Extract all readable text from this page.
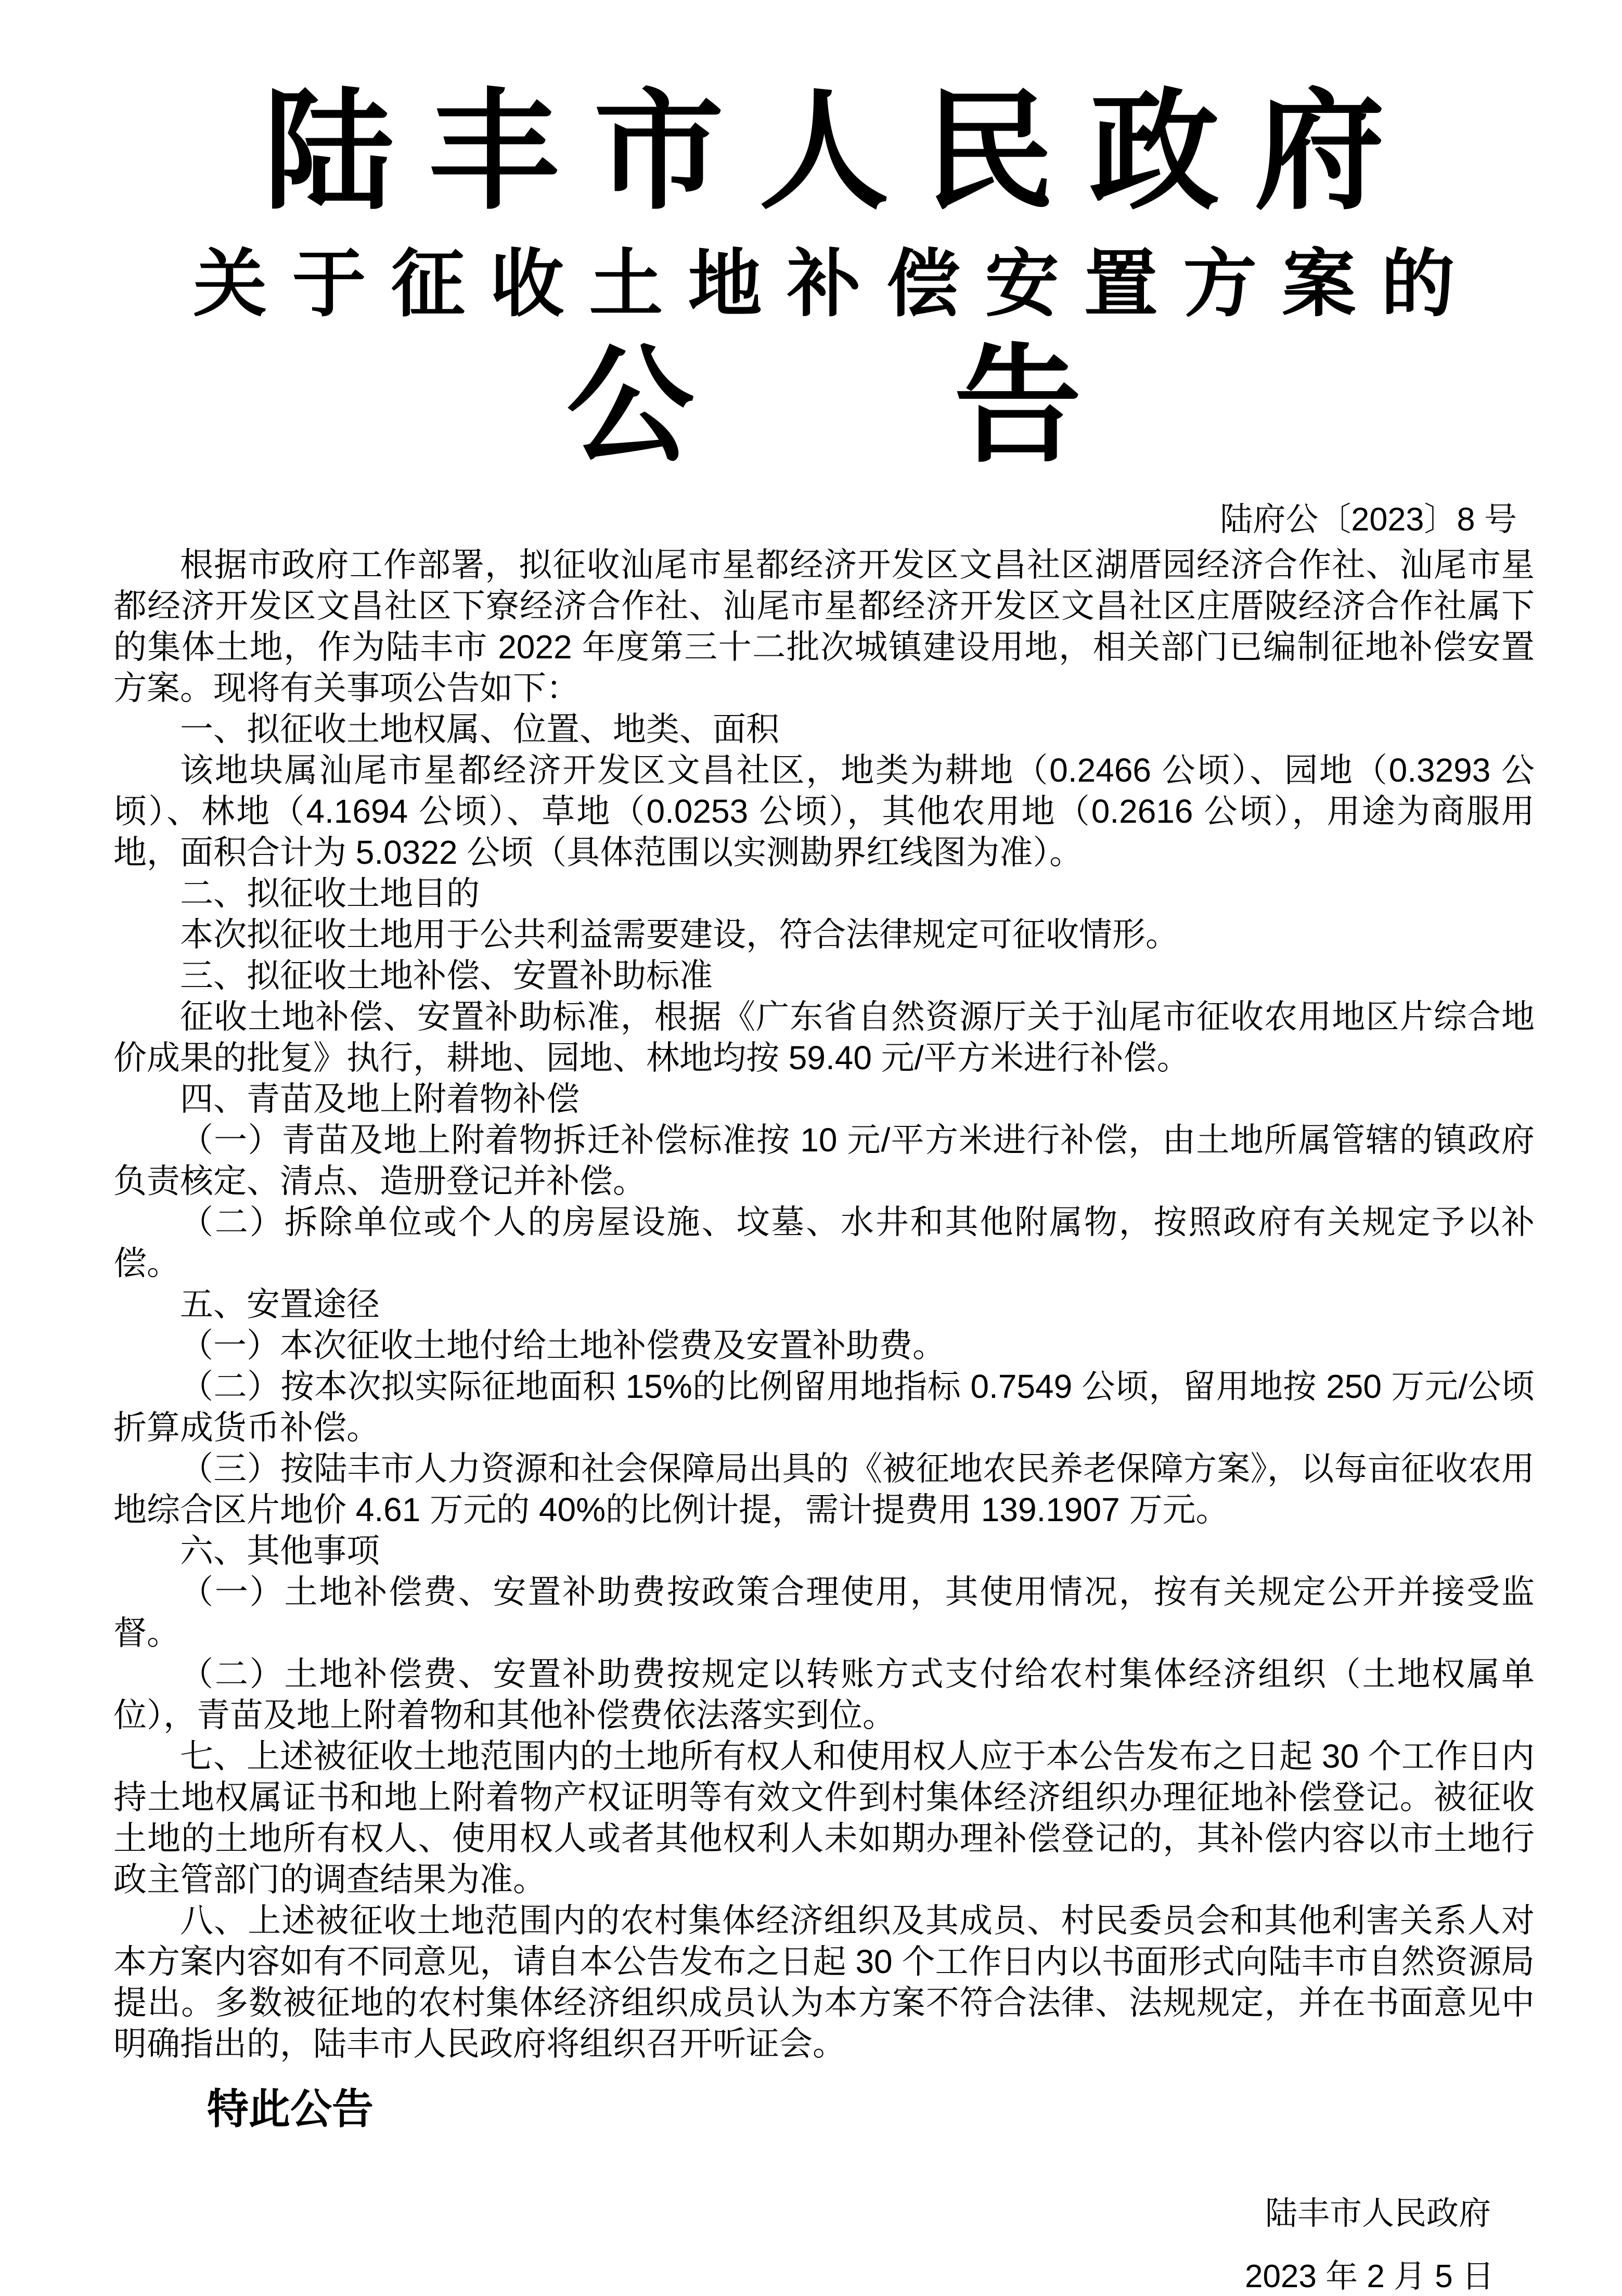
陆丰市人民政府
关于征收土地补偿安置方案的
公 告
陆府公〔2023〕8 号

根据市政府工作部署，拟征收汕尾市星都经济开发区文昌社区湖厝园经济合作社、汕尾市星都经济开发区文昌社区下寮经济合作社、汕尾市星都经济开发区文昌社区庄厝陂经济合作社属下的集体土地，作为陆丰市 2022 年度第三十二批次城镇建设用地，相关部门已编制征地补偿安置方案。现将有关事项公告如下：

一、拟征收土地权属、位置、地类、面积

该地块属汕尾市星都经济开发区文昌社区，地类为耕地（0.2466 公顷）、园地（0.3293 公顷）、林地（4.1694 公顷）、草地（0.0253 公顷），其他农用地（0.2616 公顷），用途为商服用地，面积合计为 5.0322 公顷（具体范围以实测勘界红线图为准）。

二、拟征收土地目的

本次拟征收土地用于公共利益需要建设，符合法律规定可征收情形。

三、拟征收土地补偿、安置补助标准

征收土地补偿、安置补助标准，根据《广东省自然资源厅关于汕尾市征收农用地区片综合地价成果的批复》执行，耕地、园地、林地均按 59.40 元/平方米进行补偿。

四、青苗及地上附着物补偿

（一）青苗及地上附着物拆迁补偿标准按 10 元/平方米进行补偿，由土地所属管辖的镇政府负责核定、清点、造册登记并补偿。

（二）拆除单位或个人的房屋设施、坟墓、水井和其他附属物，按照政府有关规定予以补偿。

五、安置途径

（一）本次征收土地付给土地补偿费及安置补助费。

（二）按本次拟实际征地面积 15%的比例留用地指标 0.7549 公顷，留用地按 250 万元/公顷折算成货币补偿。

（三）按陆丰市人力资源和社会保障局出具的《被征地农民养老保障方案》，以每亩征收农用地综合区片地价 4.61 万元的 40%的比例计提，需计提费用 139.1907 万元。

六、其他事项

（一）土地补偿费、安置补助费按政策合理使用，其使用情况，按有关规定公开并接受监督。

（二）土地补偿费、安置补助费按规定以转账方式支付给农村集体经济组织（土地权属单位），青苗及地上附着物和其他补偿费依法落实到位。

七、上述被征收土地范围内的土地所有权人和使用权人应于本公告发布之日起 30 个工作日内持土地权属证书和地上附着物产权证明等有效文件到村集体经济组织办理征地补偿登记。被征收土地的土地所有权人、使用权人或者其他权利人未如期办理补偿登记的，其补偿内容以市土地行政主管部门的调查结果为准。

八、上述被征收土地范围内的农村集体经济组织及其成员、村民委员会和其他利害关系人对本方案内容如有不同意见，请自本公告发布之日起 30 个工作日内以书面形式向陆丰市自然资源局提出。多数被征地的农村集体经济组织成员认为本方案不符合法律、法规规定，并在书面意见中明确指出的，陆丰市人民政府将组织召开听证会。

特此公告
陆丰市人民政府
2023 年 2 月 5 日
